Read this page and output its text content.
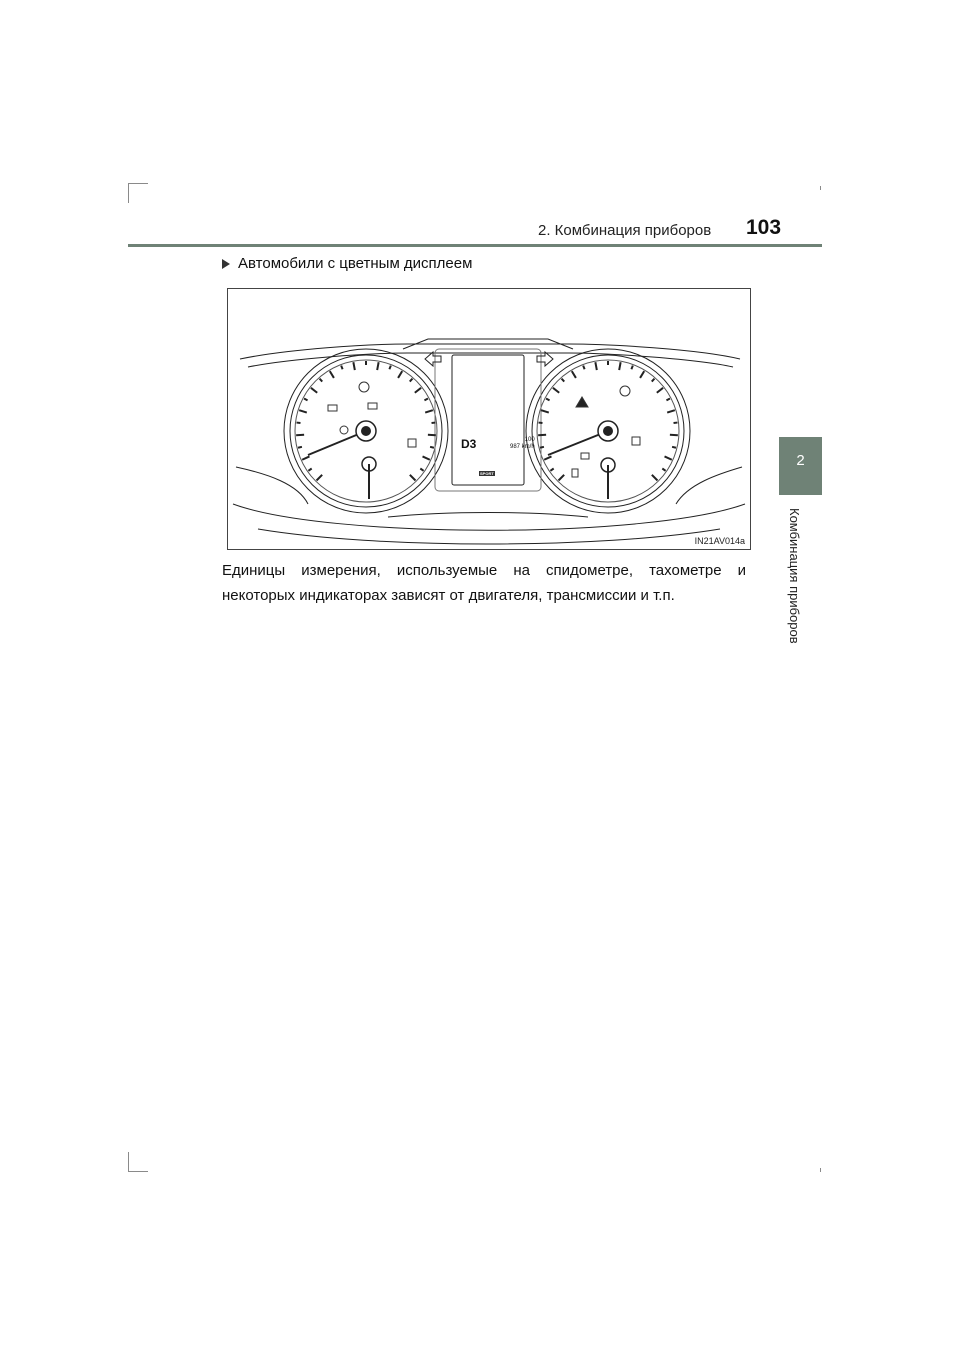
2. Комбинация приборов 103
2
Комбинация приборов
Автомобили с цветным дисплеем
D3	100
987 km/h
SPORT
IN21AV014a
Единицы измерения, используемые на спидометре, тахометре и некоторых индикаторах зависят от двигателя, трансмиссии и т.п.
